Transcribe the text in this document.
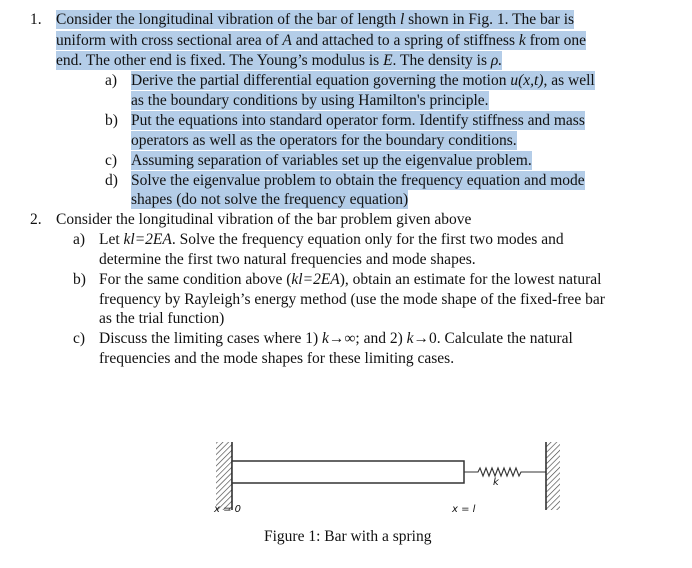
1. Consider the longitudinal vibration of the bar of length l shown in Fig. 1. The bar is
uniform with cross sectional area of A and attached to a spring of stiffness k from one
end. The other end is fixed. The Young’s modulus is E. The density is ρ.
a) Derive the partial differential equation governing the motion u(x,t), as well
as the boundary conditions by using Hamilton's principle.
b) Put the equations into standard operator form. Identify stiffness and mass
operators as well as the operators for the boundary conditions.
c) Assuming separation of variables set up the eigenvalue problem.
d) Solve the eigenvalue problem to obtain the frequency equation and mode
shapes (do not solve the frequency equation)
2. Consider the longitudinal vibration of the bar problem given above
a) Let kl=2EA. Solve the frequency equation only for the first two modes and
determine the first two natural frequencies and mode shapes.
b) For the same condition above (kl=2EA), obtain an estimate for the lowest natural
frequency by Rayleigh’s energy method (use the mode shape of the fixed-free bar
as the trial function)
c) Discuss the limiting cases where 1) k→∞; and 2) k→0. Calculate the natural
frequencies and the mode shapes for these limiting cases.
k
x = 0	x = l
Figure 1: Bar with a spring
